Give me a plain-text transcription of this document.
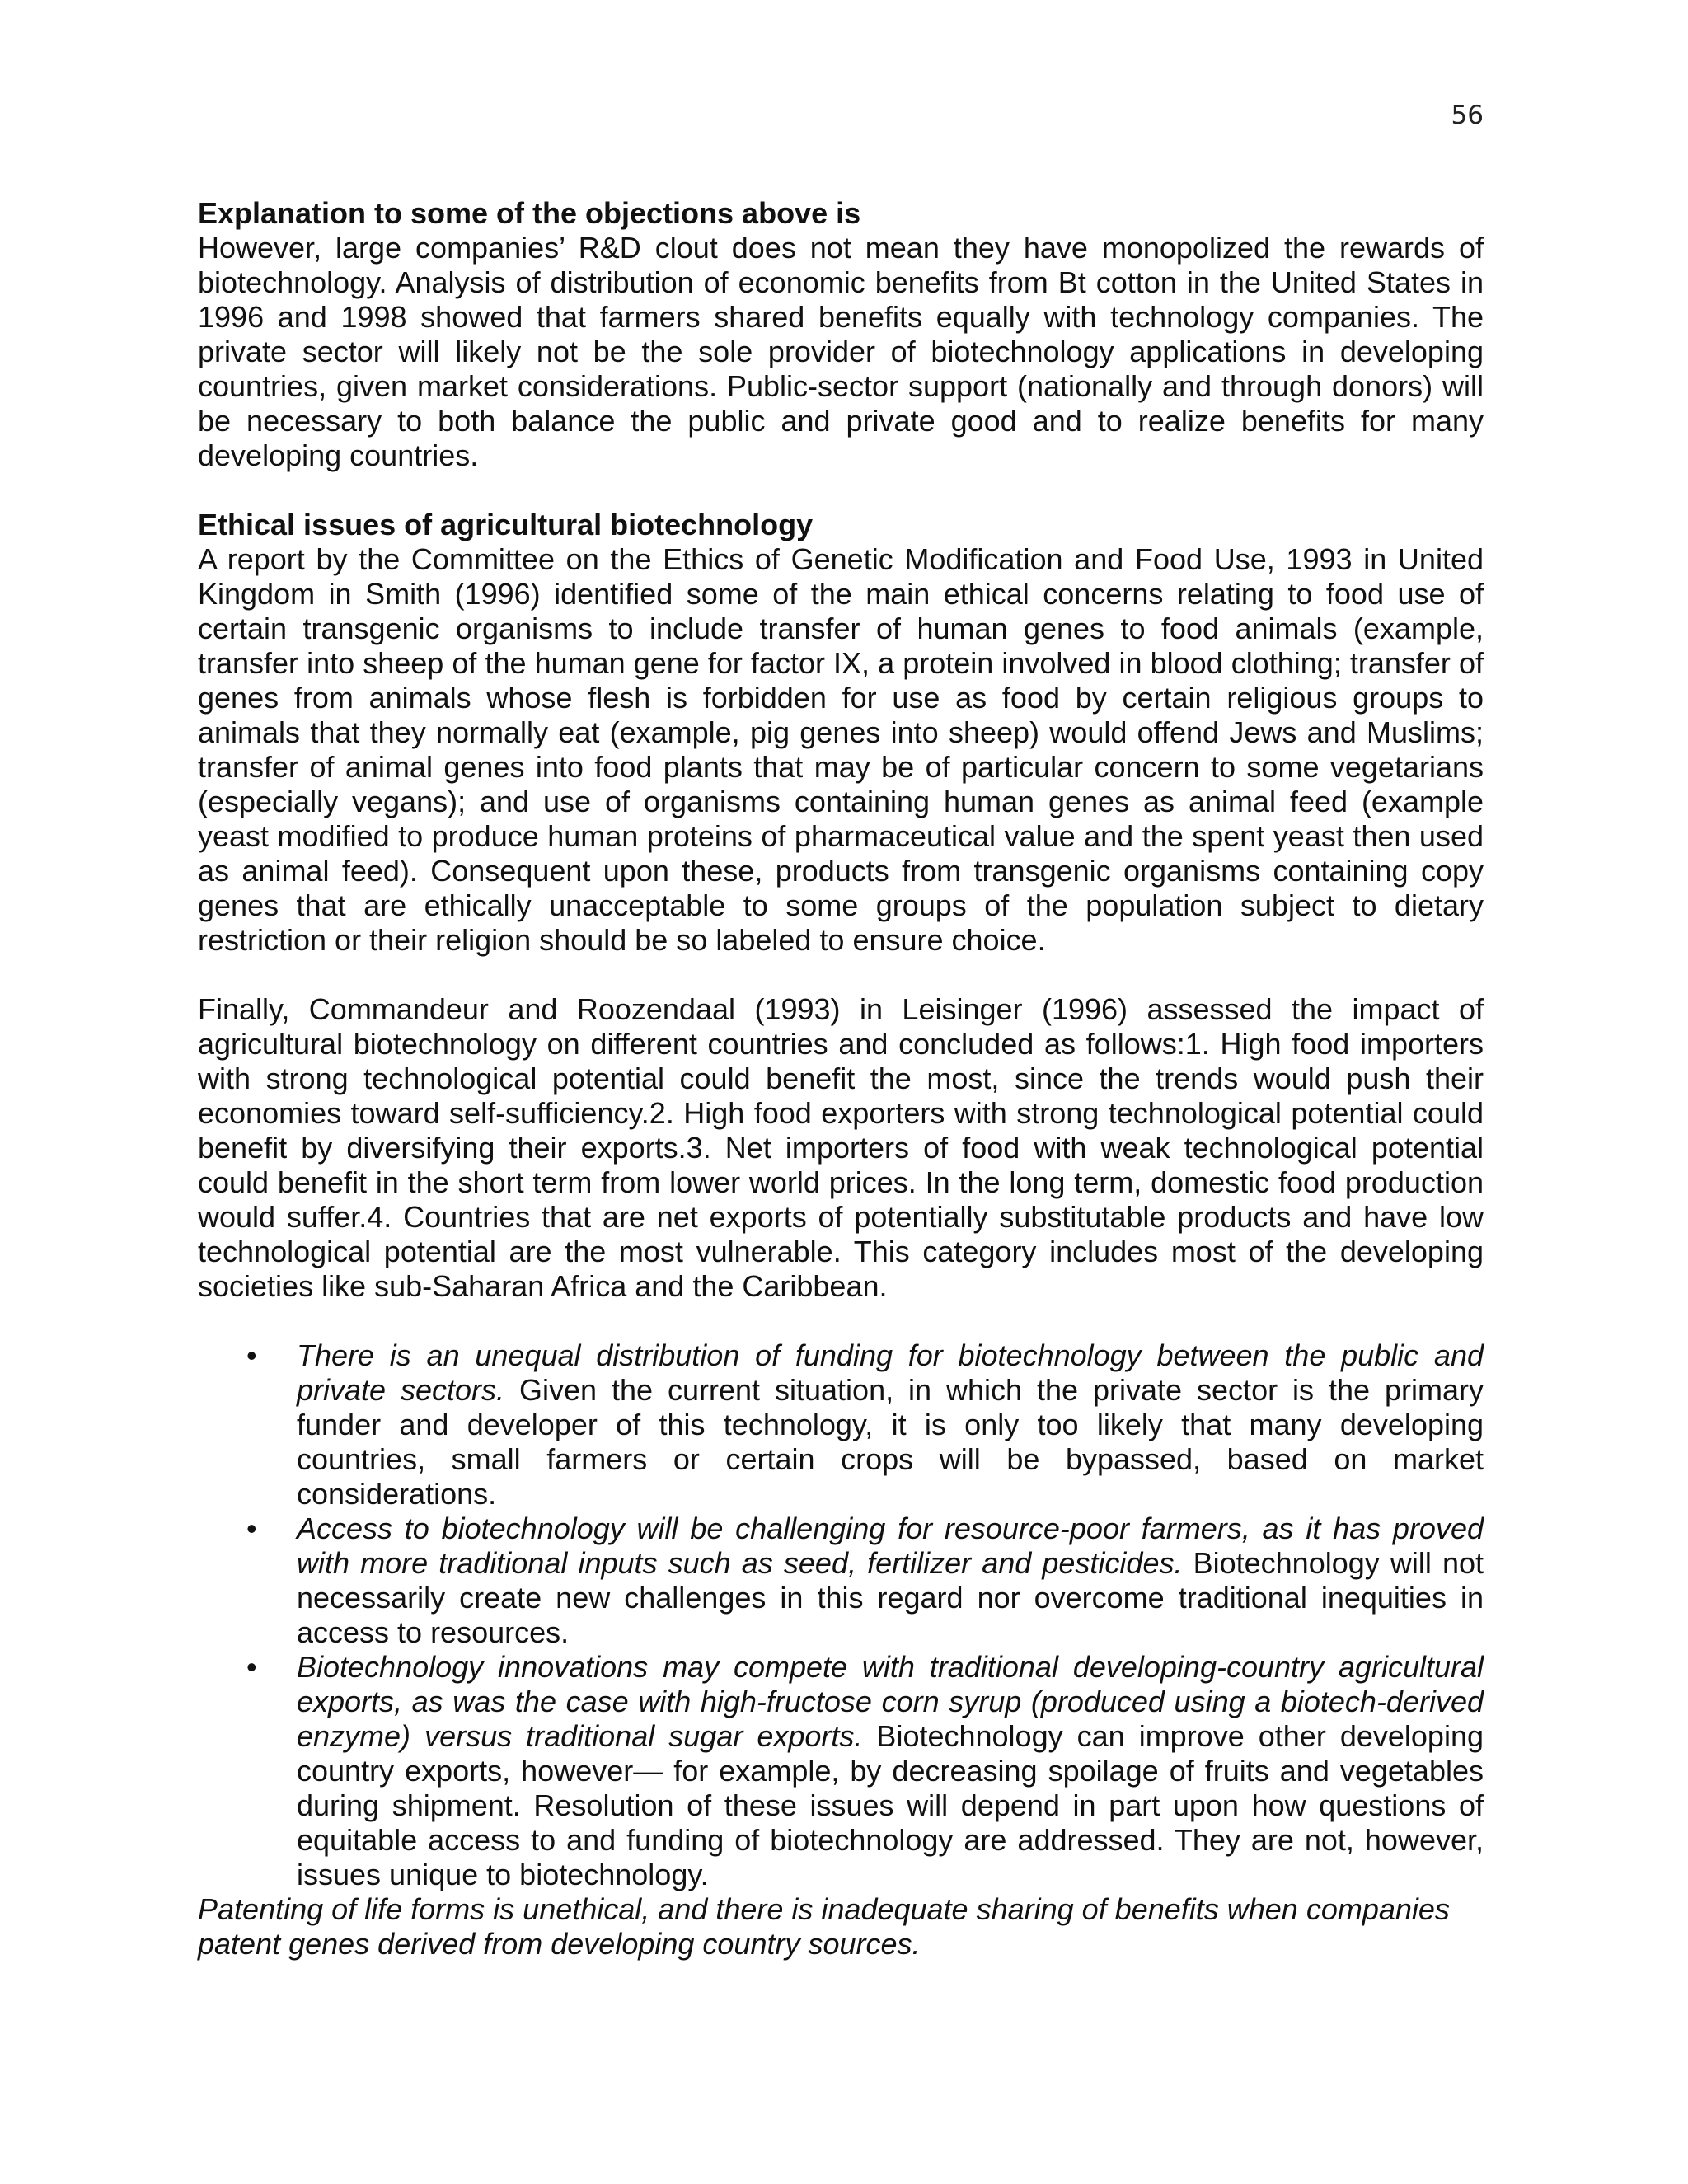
56

Explanation to some of the objections above is

However, large companies’ R&D clout does not mean they have monopolized the rewards of biotechnology. Analysis of distribution of economic benefits from Bt cotton in the United States in 1996 and 1998 showed that farmers shared benefits equally with technology companies. The private sector will likely not be the sole provider of biotechnology applications in developing countries, given market considerations. Public-sector support (nationally and through donors) will be necessary to both balance the public and private good and to realize benefits for many developing countries.

Ethical issues of agricultural biotechnology

A report by the Committee on the Ethics of Genetic Modification and Food Use, 1993 in United Kingdom in Smith (1996) identified some of the main ethical concerns relating to food use of certain transgenic organisms to include transfer of human genes to food animals (example, transfer into sheep of the human gene for factor IX, a protein involved in blood clothing; transfer of genes from animals whose flesh is forbidden for use as food by certain religious groups to animals that they normally eat (example, pig genes into sheep) would offend Jews and Muslims; transfer of animal genes into food plants that may be of particular concern to some vegetarians (especially vegans); and use of organisms containing human genes as animal feed (example yeast modified to produce human proteins of pharmaceutical value and the spent yeast then used as animal feed). Consequent upon these, products from transgenic organisms containing copy genes that are ethically unacceptable to some groups of the population subject to dietary restriction or their religion should be so labeled to ensure choice.

Finally, Commandeur and Roozendaal (1993) in Leisinger (1996) assessed the impact of agricultural biotechnology on different countries and concluded as follows:1. High food importers with strong technological potential could benefit the most, since the trends would push their economies toward self-sufficiency.2. High food exporters with strong technological potential could benefit by diversifying their exports.3. Net importers of food with weak technological potential could benefit in the short term from lower world prices. In the long term, domestic food production would suffer.4. Countries that are net exports of potentially substitutable products and have low technological potential are the most vulnerable. This category includes most of the developing societies like sub-Saharan Africa and the Caribbean.

•	There is an unequal distribution of funding for biotechnology between the public and private sectors. Given the current situation, in which the private sector is the primary funder and developer of this technology, it is only too likely that many developing countries, small farmers or certain crops will be bypassed, based on market considerations.
•	Access to biotechnology will be challenging for resource-poor farmers, as it has proved with more traditional inputs such as seed, fertilizer and pesticides. Biotechnology will not necessarily create new challenges in this regard nor overcome traditional inequities in access to resources.
•	Biotechnology innovations may compete with traditional developing-country agricultural exports, as was the case with high-fructose corn syrup (produced using a biotech-derived enzyme) versus traditional sugar exports. Biotechnology can improve other developing country exports, however— for example, by decreasing spoilage of fruits and vegetables during shipment. Resolution of these issues will depend in part upon how questions of equitable access to and funding of biotechnology are addressed. They are not, however, issues unique to biotechnology.

Patenting of life forms is unethical, and there is inadequate sharing of benefits when companies patent genes derived from developing country sources.
